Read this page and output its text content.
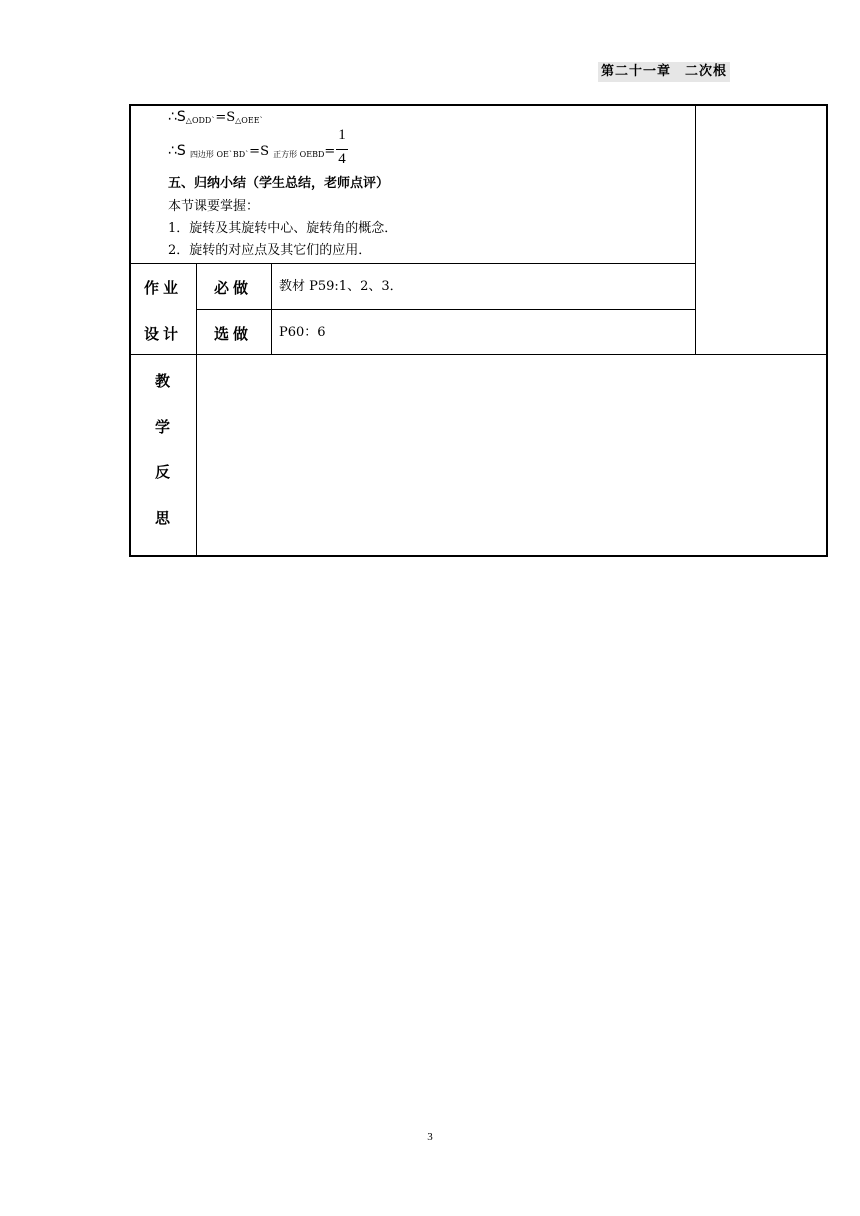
第二十一章　二次根
∴S△ODD`=S△OEE`
∴S 四边形 OE`BD`=S 正方形 OEBD=
1
4
五、归纳小结（学生总结，老师点评）
本节课要掌握：
1．旋转及其旋转中心、旋转角的概念．
2．旋转的对应点及其它们的应用．
作业
设计
必做 教材 P59:1、2、3．
选做 P60：6
教
学
反
思
3
